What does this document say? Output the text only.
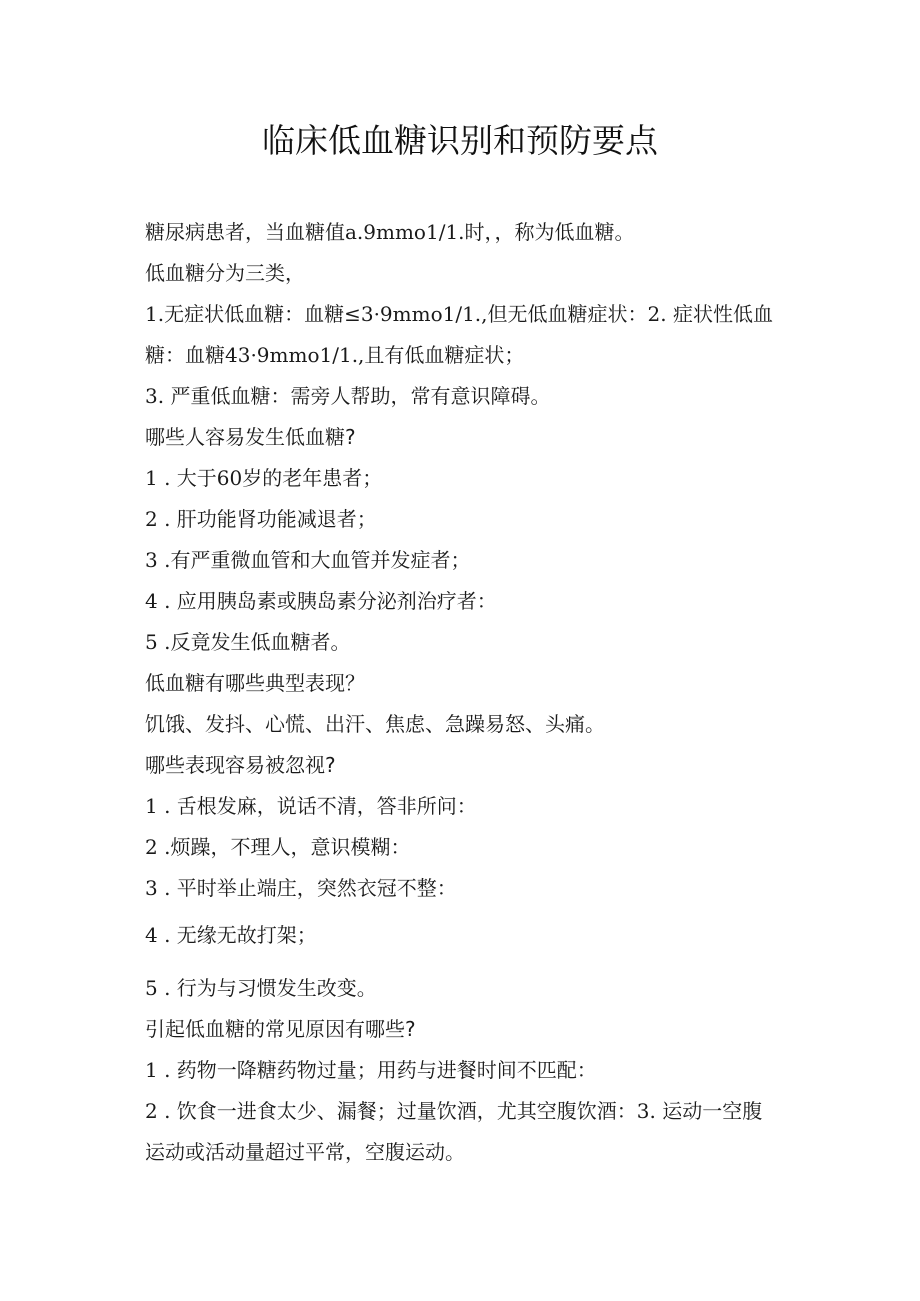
临床低血糖识别和预防要点
糖尿病患者，当血糖值a.9mmo1∕1.时，，称为低血糖。
低血糖分为三类，
1.无症状低血糖：血糖≤3·9mmo1∕1.,但无低血糖症状：2. 症状性低血
糖：血糖43·9mmo1∕1.,且有低血糖症状；
3. 严重低血糖：需旁人帮助，常有意识障碍。
哪些人容易发生低血糖?
1 . 大于60岁的老年患者；
2 . 肝功能肾功能减退者；
3 .有严重微血管和大血管并发症者；
4 . 应用胰岛素或胰岛素分泌剂治疗者：
5 .反竟发生低血糖者。
低血糖有哪些典型表现？
饥饿、发抖、心慌、出汗、焦虑、急躁易怒、头痛。
哪些表现容易被忽视?
1 . 舌根发麻，说话不清，答非所问：
2 .烦躁，不理人，意识模糊：
3 . 平时举止端庄，突然衣冠不整：
4 . 无缘无故打架；
5 . 行为与习惯发生改变。
引起低血糖的常见原因有哪些?
1 . 药物一降糖药物过量；用药与进餐时间不匹配：
2 . 饮食一进食太少、漏餐；过量饮酒，尤其空腹饮酒：3. 运动一空腹
运动或活动量超过平常，空腹运动。
